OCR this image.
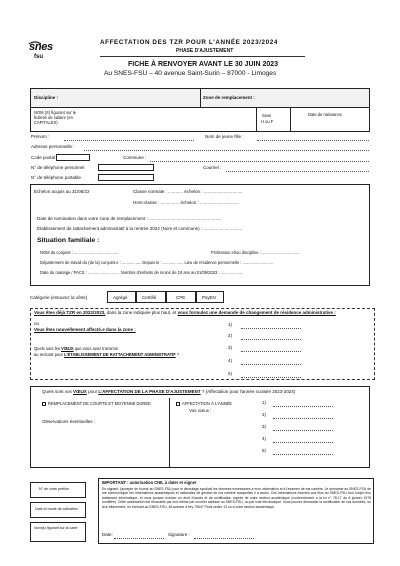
snes
fsu
AFFECTATION DES TZR POUR L'ANNÉE 2023/2024
PHASE D'AJUSTEMENT
FICHE À RENVOYER AVANT LE 30 JUIN 2023
Au SNES-FSU – 40 avenue Saint-Surin – 87000 - Limoges
Discipline :	Zone de remplacement :
NOM (S) figurant sur le bulletin de salaire (en CAPITALES)
Sexe
H ou F
Date de naissance
Prénom :	Nom de jeune fille :
Adresse personnelle :
Code postal	Commune :
N° de téléphone personnel	Courriel :
N° de téléphone portable
Échelon acquis au 31/08/22	Classe normale : ............ échelon : ...............................
Hors-classe : ............... échelon : ...............................
Date de nomination dans votre zone de remplacement : ..........................................................
Établissement de rattachement administratif à la rentrée 2022 (Nom et commune) : ...............................
Situation familiale :
NOM du conjoint : .......................................	Profession et/ou discipline : ..................................
Département de travail du (de la) conjoint.e : ................. Depuis le : .................. Lieu de résidence personnelle : ...........................
Date du mariage / PACS : ............................ Nombre d'enfants de moins de 18 ans au 01/09/2023 : ....................
Catégorie (entourez la vôtre)	Agrégé	Certifié	CPE	PsyEN
Vous êtes déjà TZR en 2022/2023, dans la zone indiquée plus haut, et vous formulez une demande de changement de résidence administrative :
ou
Vous êtes nouvellement affecté.e dans la zone :
Quels sont les VŒUX que vous avez transmis
au rectorat pour L'ÉTABLISSEMENT DE RATTACHEMENT ADMINISTRATIF ?
1)
2)
3)
4)
5)
Quels sont vos VŒUX pour L'AFFECTATION DE LA PHASE D'AJUSTEMENT ? (Affectation pour l'année scolaire 2023-2024)
REMPLACEMENT DE COURTE ET MOYENNE DURÉE	AFFECTATION À L'ANNÉE
Vos vœux :
Observations éventuelles :
1)
2)
3)
4)
5)
N° de votre préfixe
Date et mode de cotisation
Nom(s) figurant sur la carte
IMPORTANT : autorisation CNIL à dater et signer
En signant, j'accepte de fournir au SNES-FSU pour le déroulage syndical les données nécessaires à mon information et à l'examen de ma carrière. Je demande au SNES-FSU de me communiquer les informations académiques et nationales de gestion de ma carrière auxquelles il a accès. Ces informations fournies aux élus du SNES-FSU font l'objet d'un traitement informatique, et vous pouvez exercer un droit d'accès et de rectification auprès de votre section académique (conformément à la loi n° 78-17 du 6 janvier 1978 modifiée). Cette autorisation est révocable par moi-même par courrier adressé au SNES-FSU, ou par voie électronique. Vous pouvez demander la rectification de vos données, ou leur effacement, en écrivant au SNES-FSU, 46 avenue d'Ivry 75647 Paris cedex 13 ou à votre section académique.
Date:	Signature :
